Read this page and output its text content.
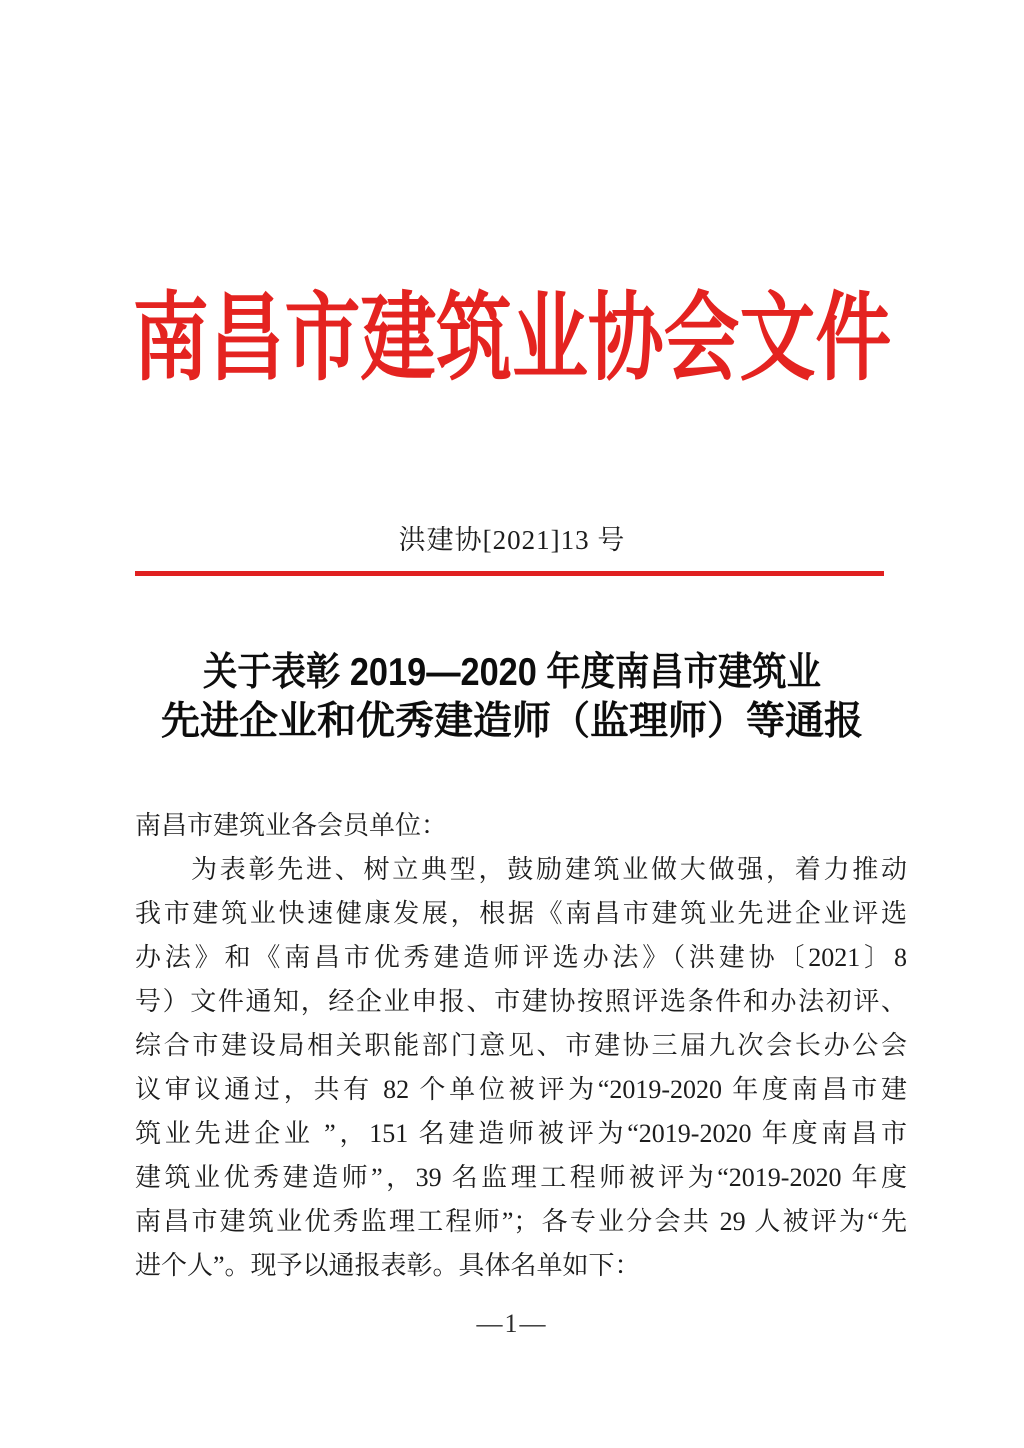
南昌市建筑业协会文件
洪建协[2021]13 号
关于表彰 2019—2020 年度南昌市建筑业
先进企业和优秀建造师（监理师）等通报
南昌市建筑业各会员单位：
为表彰先进、树立典型，鼓励建筑业做大做强，着力推动
我市建筑业快速健康发展，根据《南昌市建筑业先进企业评选
办法》和《南昌市优秀建造师评选办法》（洪建协〔2021〕8
号）文件通知，经企业申报、市建协按照评选条件和办法初评、
综合市建设局相关职能部门意见、市建协三届九次会长办公会
议审议通过，共有 82 个单位被评为“2019-2020 年度南昌市建
筑业先进企业 ”，151 名建造师被评为“2019-2020 年度南昌市
建筑业优秀建造师”，39 名监理工程师被评为“2019-2020 年度
南昌市建筑业优秀监理工程师”；各专业分会共 29 人被评为“先
进个人”。现予以通报表彰。具体名单如下：
—1—
